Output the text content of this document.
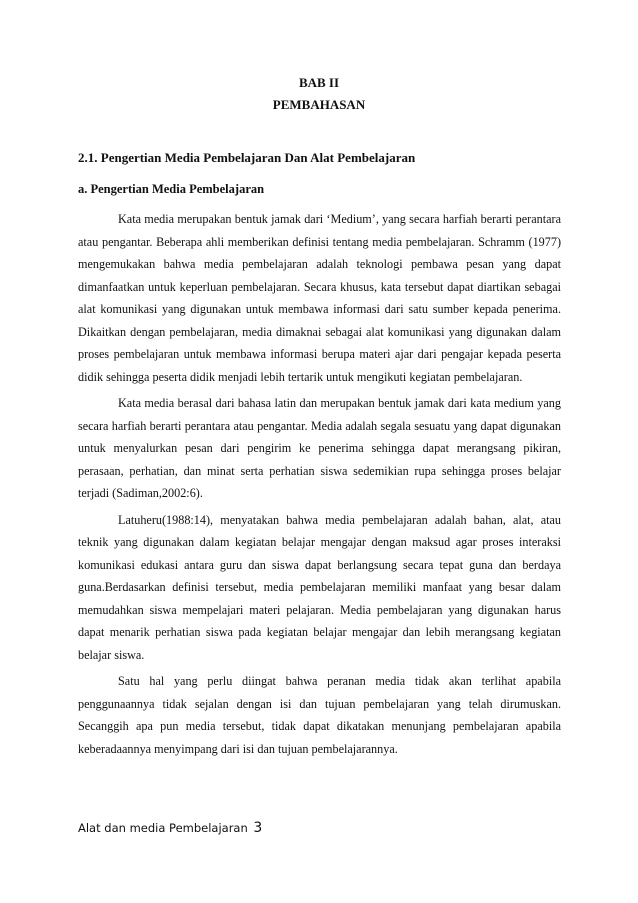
BAB II
PEMBAHASAN
2.1. Pengertian Media Pembelajaran Dan Alat Pembelajaran
a. Pengertian Media Pembelajaran

Kata media merupakan bentuk jamak dari ‘Medium’, yang secara harfiah berarti perantara atau pengantar. Beberapa ahli memberikan definisi tentang media pembelajaran. Schramm (1977) mengemukakan bahwa media pembelajaran adalah teknologi pembawa pesan yang dapat dimanfaatkan untuk keperluan pembelajaran. Secara khusus, kata tersebut dapat diartikan sebagai alat komunikasi yang digunakan untuk membawa informasi dari satu sumber kepada penerima. Dikaitkan dengan pembelajaran, media dimaknai sebagai alat komunikasi yang digunakan dalam proses pembelajaran untuk membawa informasi berupa materi ajar dari pengajar kepada peserta didik sehingga peserta didik menjadi lebih tertarik untuk mengikuti kegiatan pembelajaran.

Kata media berasal dari bahasa latin dan merupakan bentuk jamak dari kata medium yang secara harfiah berarti perantara atau pengantar. Media adalah segala sesuatu yang dapat digunakan untuk menyalurkan pesan dari pengirim ke penerima sehingga dapat merangsang pikiran, perasaan, perhatian, dan minat serta perhatian siswa sedemikian rupa sehingga proses belajar terjadi (Sadiman,2002:6).

Latuheru(1988:14), menyatakan bahwa media pembelajaran adalah bahan, alat, atau teknik yang digunakan dalam kegiatan belajar mengajar dengan maksud agar proses interaksi komunikasi edukasi antara guru dan siswa dapat berlangsung secara tepat guna dan berdaya guna.Berdasarkan definisi tersebut, media pembelajaran memiliki manfaat yang besar dalam memudahkan siswa mempelajari materi pelajaran. Media pembelajaran yang digunakan harus dapat menarik perhatian siswa pada kegiatan belajar mengajar dan lebih merangsang kegiatan belajar siswa.

Satu hal yang perlu diingat bahwa peranan media tidak akan terlihat apabila penggunaannya tidak sejalan dengan isi dan tujuan pembelajaran yang telah dirumuskan. Secanggih apa pun media tersebut, tidak dapat dikatakan menunjang pembelajaran apabila keberadaannya menyimpang dari isi dan tujuan pembelajarannya.

Alat dan media Pembelajaran 3
